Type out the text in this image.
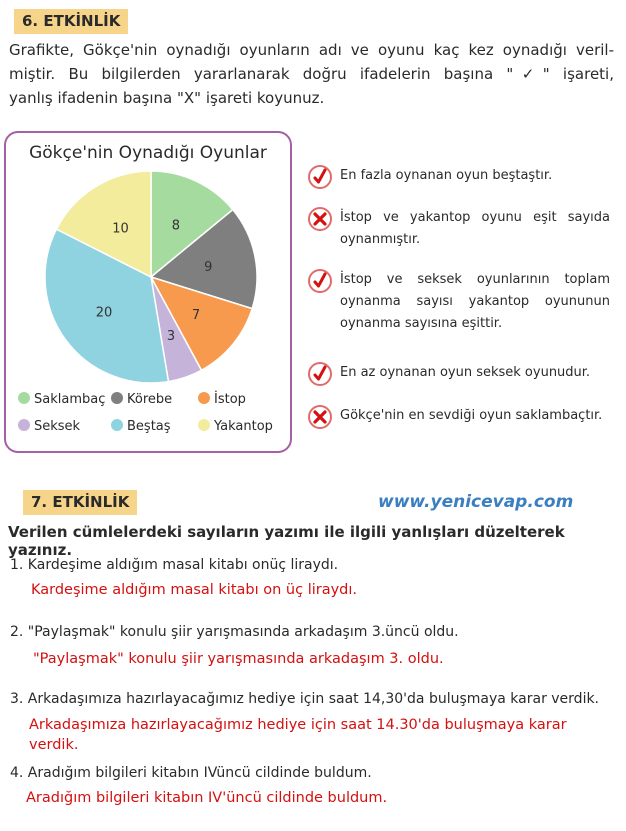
6. ETKİNLİK
Grafikte, Gökçe'nin oynadığı oyunların adı ve oyunu kaç kez oynadığı veril-
miştir. Bu bilgilerden yararlanarak doğru ifadelerin başına "✓" işareti,
yanlış ifadenin başına "X" işareti koyunuz.
Gökçe'nin Oynadığı Oyunlar
8
9
7
3
20
10
Saklambaç	Körebe	İstop
Seksek	Beştaş	Yakantop
En fazla oynanan oyun beştaştır.
İstop ve yakantop oyunu eşit sayıda
oynanmıştır.
İstop ve seksek oyunlarının toplam
oynanma sayısı yakantop oyununun
oynanma sayısına eşittir.
En az oynanan oyun seksek oyunudur.
Gökçe'nin en sevdiği oyun saklambaçtır.
7. ETKİNLİK	www.yenicevap.com
Verilen cümlelerdeki sayıların yazımı ile ilgili yanlışları düzelterek yazınız.
1. Kardeşime aldığım masal kitabı onüç liraydı.
Kardeşime aldığım masal kitabı on üç liraydı.
2. "Paylaşmak" konulu şiir yarışmasında arkadaşım 3.üncü oldu.
"Paylaşmak" konulu şiir yarışmasında arkadaşım 3. oldu.
3. Arkadaşımıza hazırlayacağımız hediye için saat 14,30'da buluşmaya karar verdik.
Arkadaşımıza hazırlayacağımız hediye için saat 14.30'da buluşmaya karar verdik.
4. Aradığım bilgileri kitabın IVüncü cildinde buldum.
Aradığım bilgileri kitabın IV'üncü cildinde buldum.
